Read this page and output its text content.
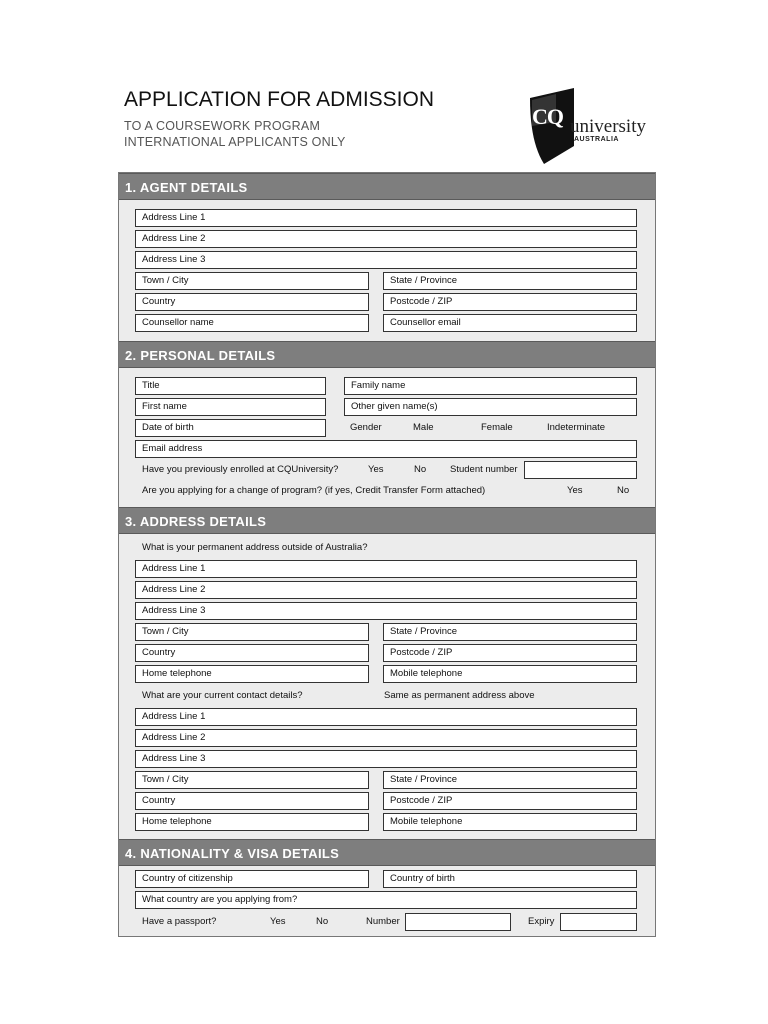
APPLICATION FOR ADMISSION
TO A COURSEWORK PROGRAM
INTERNATIONAL APPLICANTS ONLY
CQ university
AUSTRALIA
1. AGENT DETAILS
Address Line 1
Address Line 2
Address Line 3
Town / City	State / Province
Country	Postcode / ZIP
Counsellor name	Counsellor email
2. PERSONAL DETAILS
Title	Family name
First name	Other given name(s)
Date of birth	Gender	Male	Female	Indeterminate
Email address
Have you previously enrolled at CQUniversity?	Yes	No	Student number
Are you applying for a change of program? (if yes, Credit Transfer Form attached)	Yes	No
3. ADDRESS DETAILS
What is your permanent address outside of Australia?
Address Line 1
Address Line 2
Address Line 3
Town / City	State / Province
Country	Postcode / ZIP
Home telephone	Mobile telephone
What are your current contact details?	Same as permanent address above
Address Line 1
Address Line 2
Address Line 3
Town / City	State / Province
Country	Postcode / ZIP
Home telephone	Mobile telephone
4. NATIONALITY & VISA DETAILS
Country of citizenship	Country of birth
What country are you applying from?
Have a passport?	Yes	No	Number	Expiry
